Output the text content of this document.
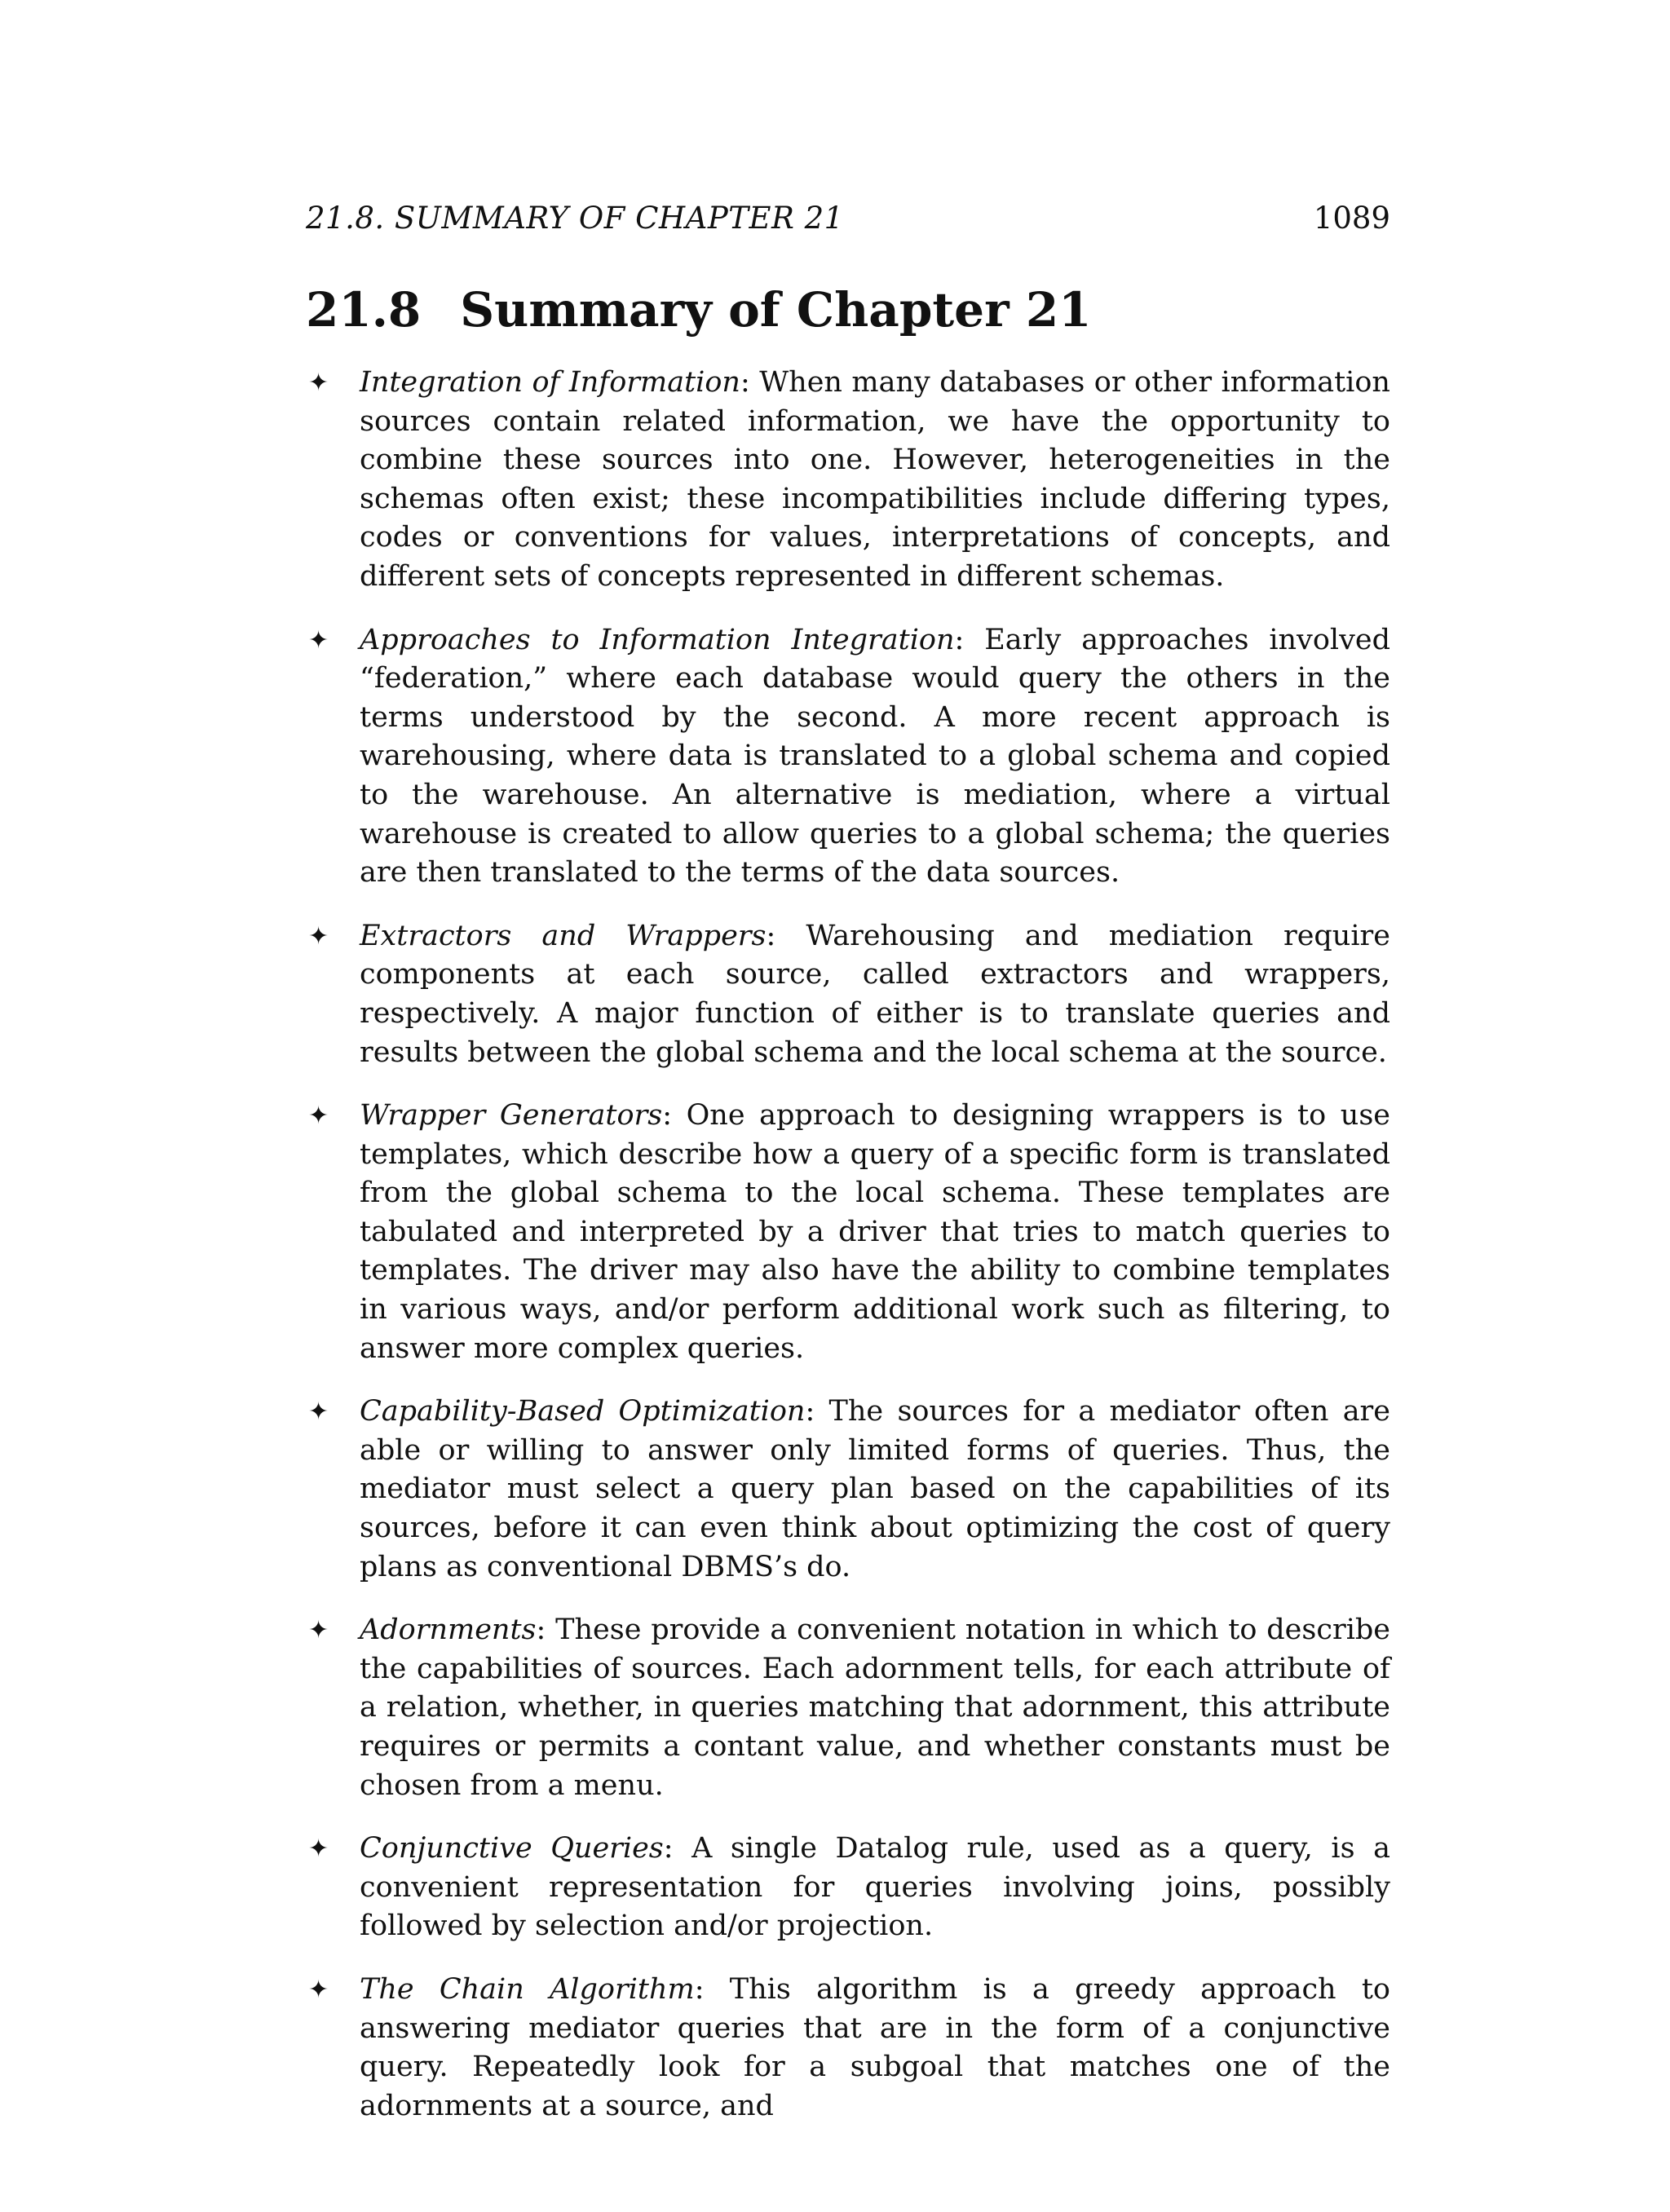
21.8. SUMMARY OF CHAPTER 21	1089
21.8 Summary of Chapter 21
✦ Integration of Information: When many databases or other information sources contain related information, we have the opportunity to combine these sources into one. However, heterogeneities in the schemas often exist; these incompatibilities include differing types, codes or conventions for values, interpretations of concepts, and different sets of concepts represented in different schemas.
✦ Approaches to Information Integration: Early approaches involved “federation,” where each database would query the others in the terms understood by the second. A more recent approach is warehousing, where data is translated to a global schema and copied to the warehouse. An alternative is mediation, where a virtual warehouse is created to allow queries to a global schema; the queries are then translated to the terms of the data sources.
✦ Extractors and Wrappers: Warehousing and mediation require components at each source, called extractors and wrappers, respectively. A major function of either is to translate queries and results between the global schema and the local schema at the source.
✦ Wrapper Generators: One approach to designing wrappers is to use templates, which describe how a query of a specific form is translated from the global schema to the local schema. These templates are tabulated and interpreted by a driver that tries to match queries to templates. The driver may also have the ability to combine templates in various ways, and/or perform additional work such as filtering, to answer more complex queries.
✦ Capability-Based Optimization: The sources for a mediator often are able or willing to answer only limited forms of queries. Thus, the mediator must select a query plan based on the capabilities of its sources, before it can even think about optimizing the cost of query plans as conventional DBMS’s do.
✦ Adornments: These provide a convenient notation in which to describe the capabilities of sources. Each adornment tells, for each attribute of a relation, whether, in queries matching that adornment, this attribute requires or permits a contant value, and whether constants must be chosen from a menu.
✦ Conjunctive Queries: A single Datalog rule, used as a query, is a convenient representation for queries involving joins, possibly followed by selection and/or projection.
✦ The Chain Algorithm: This algorithm is a greedy approach to answering mediator queries that are in the form of a conjunctive query. Repeatedly look for a subgoal that matches one of the adornments at a source, and
